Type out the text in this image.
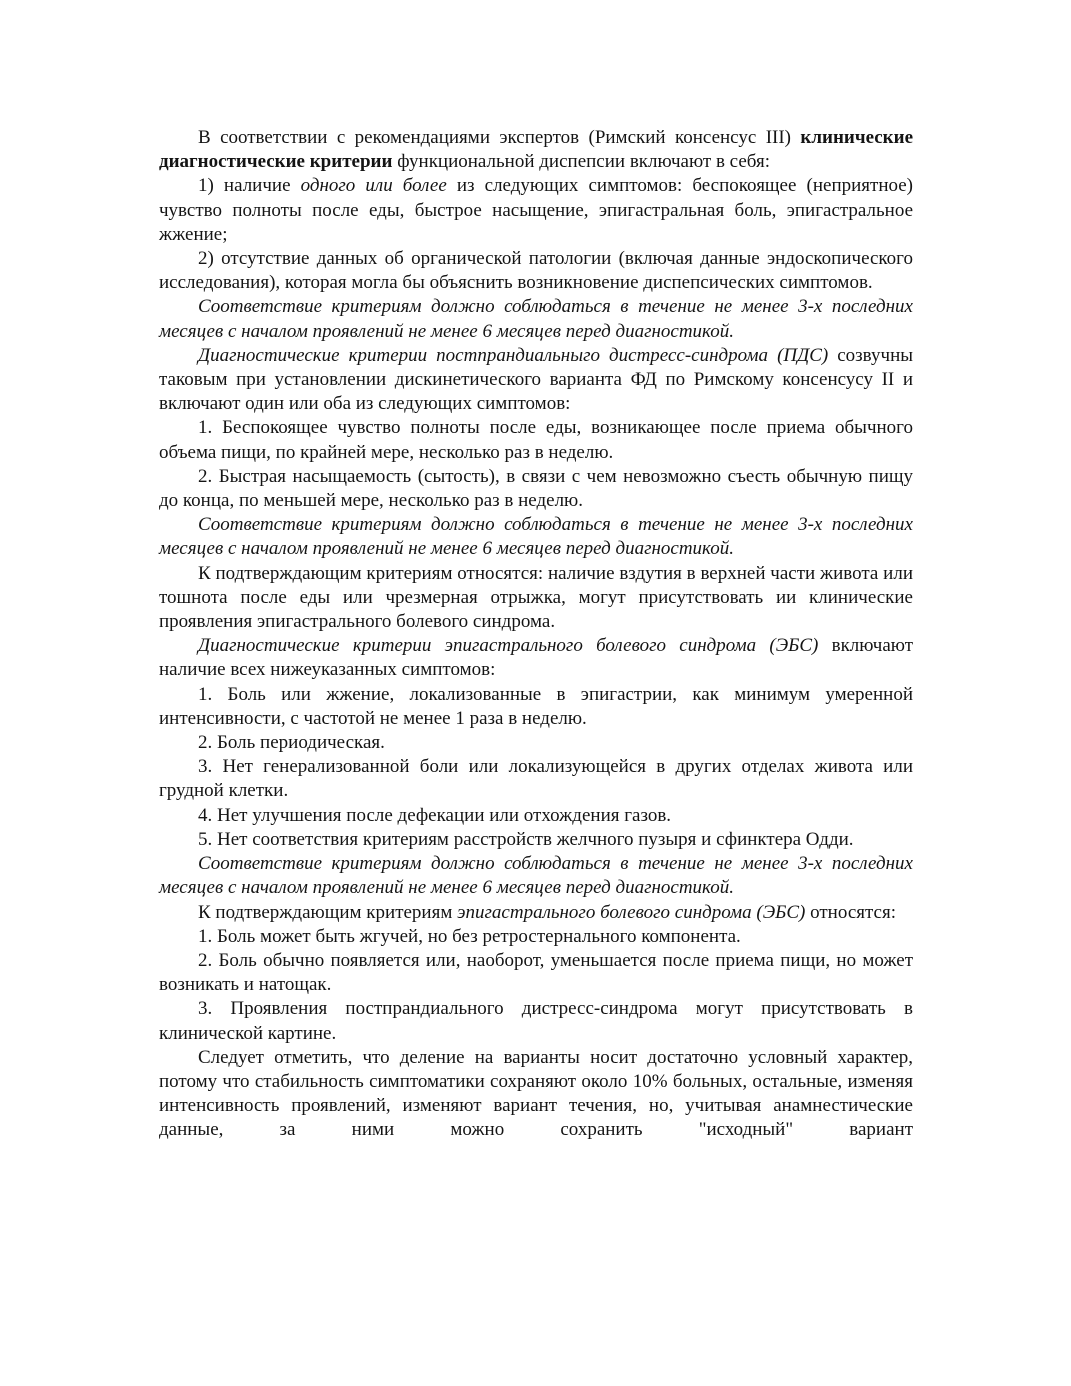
В соответствии с рекомендациями экспертов (Римский консенсус III) клинические диагностические критерии функциональной диспепсии включают в себя:

1) наличие одного или более из следующих симптомов: беспокоящее (неприятное) чувство полноты после еды, быстрое насыщение, эпигастральная боль, эпигастральное жжение;

2) отсутствие данных об органической патологии (включая данные эндоскопического исследования), которая могла бы объяснить возникновение диспепсических симптомов.

Соответствие критериям должно соблюдаться в течение не менее 3-х последних месяцев с началом проявлений не менее 6 месяцев перед диагностикой.

Диагностические критерии постпрандиальныго дистресс-синдрома (ПДС) созвучны таковым при установлении дискинетического варианта ФД по Римскому консенсусу II и включают один или оба из следующих симптомов:

1. Беспокоящее чувство полноты после еды, возникающее после приема обычного объема пищи, по крайней мере, несколько раз в неделю.

2. Быстрая насыщаемость (сытость), в связи с чем невозможно съесть обычную пищу до конца, по меньшей мере, несколько раз в неделю.

Соответствие критериям должно соблюдаться в течение не менее 3-х последних месяцев с началом проявлений не менее 6 месяцев перед диагностикой.

К подтверждающим критериям относятся: наличие вздутия в верхней части живота или тошнота после еды или чрезмерная отрыжка, могут присутствовать ии клинические проявления эпигастрального болевого синдрома.

Диагностические критерии эпигастрального болевого синдрома (ЭБС) включают наличие всех нижеуказанных симптомов:

1. Боль или жжение, локализованные в эпигастрии, как минимум умеренной интенсивности, с частотой не менее 1 раза в неделю.

2. Боль периодическая.

3. Нет генерализованной боли или локализующейся в других отделах живота или грудной клетки.

4. Нет улучшения после дефекации или отхождения газов.

5. Нет соответствия критериям расстройств желчного пузыря и сфинктера Одди.

Соответствие критериям должно соблюдаться в течение не менее 3-х последних месяцев с началом проявлений не менее 6 месяцев перед диагностикой.

К подтверждающим критериям эпигастрального болевого синдрома (ЭБС) относятся:

1. Боль может быть жгучей, но без ретростернального компонента.

2. Боль обычно появляется или, наоборот, уменьшается после приема пищи, но может возникать и натощак.

3. Проявления постпрандиального дистресс-синдрома могут присутствовать в клинической картине.

Следует отметить, что деление на варианты носит достаточно условный характер, потому что стабильность симптоматики сохраняют около 10% больных, остальные, изменяя интенсивность проявлений, изменяют вариант течения, но, учитывая анамнестические данные, за ними можно сохранить "исходный" вариант
